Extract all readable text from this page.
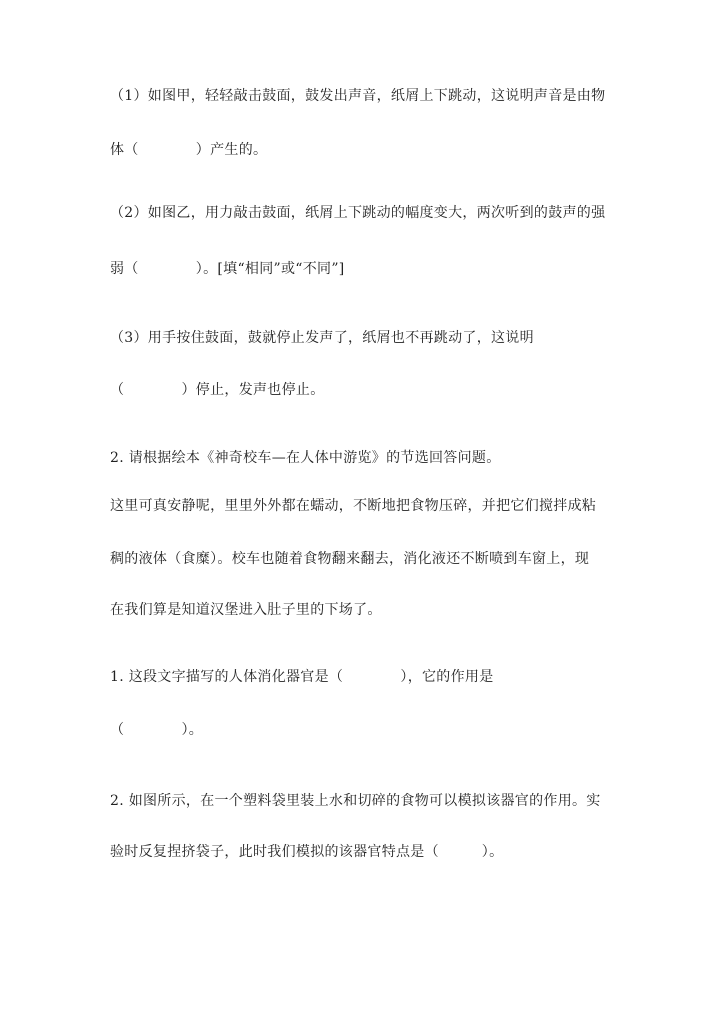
（1）如图甲，轻轻敲击鼓面，鼓发出声音，纸屑上下跳动，这说明声音是由物
体（　　　　）产生的。
（2）如图乙，用力敲击鼓面，纸屑上下跳动的幅度变大，两次听到的鼓声的强
弱（　　　　）。[填“相同”或“不同”]
（3）用手按住鼓面，鼓就停止发声了，纸屑也不再跳动了，这说明
（　　　　）停止，发声也停止。
2. 请根据绘本《神奇校车—在人体中游览》的节选回答问题。
这里可真安静呢，里里外外都在蠕动，不断地把食物压碎，并把它们搅拌成粘
稠的液体（食糜）。校车也随着食物翻来翻去，消化液还不断喷到车窗上，现
在我们算是知道汉堡进入肚子里的下场了。
1. 这段文字描写的人体消化器官是（　　　　），它的作用是
（　　　　）。
2. 如图所示，在一个塑料袋里装上水和切碎的食物可以模拟该器官的作用。实
验时反复捏挤袋子，此时我们模拟的该器官特点是（　　　）。
